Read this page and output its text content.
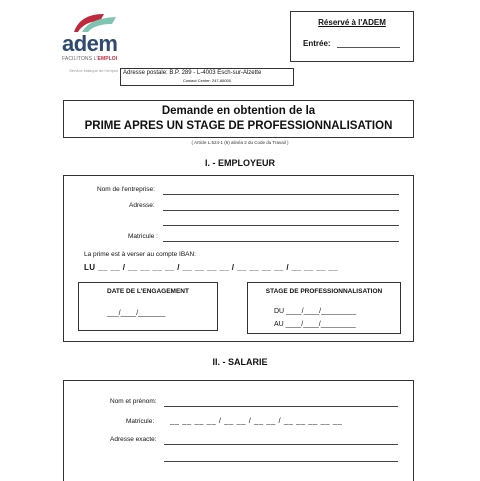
adem
FACILITONS L'EMPLOI
Service étatique de l'emploi
Réservé à l'ADEM
Entrée:
Adresse postale: B.P. 289 - L-4003 Esch-sur-Alzette
Contact Center: 247-88000
Demande en obtention de la
PRIME APRES UN STAGE DE PROFESSIONNALISATION
( Article L.524-1 (6) alinéa 2 du Code du Travail )
I. - EMPLOYEUR
Nom de l'entreprise:
Adresse:
Matricule :
La prime est à verser au compte IBAN:
LU __ __ / __ __ __ __ / __ __ __ __ / __ __ __ __ / __ __ __ __
DATE DE L'ENGAGEMENT
___/____/_______
STAGE DE PROFESSIONNALISATION
DU ____/____/_________
AU ____/____/_________
II. - SALARIE
Nom et prénom:
Matricule: __ __ __ __ / __ __ / __ __ / __ __ __ __ __
Adresse exacte:
